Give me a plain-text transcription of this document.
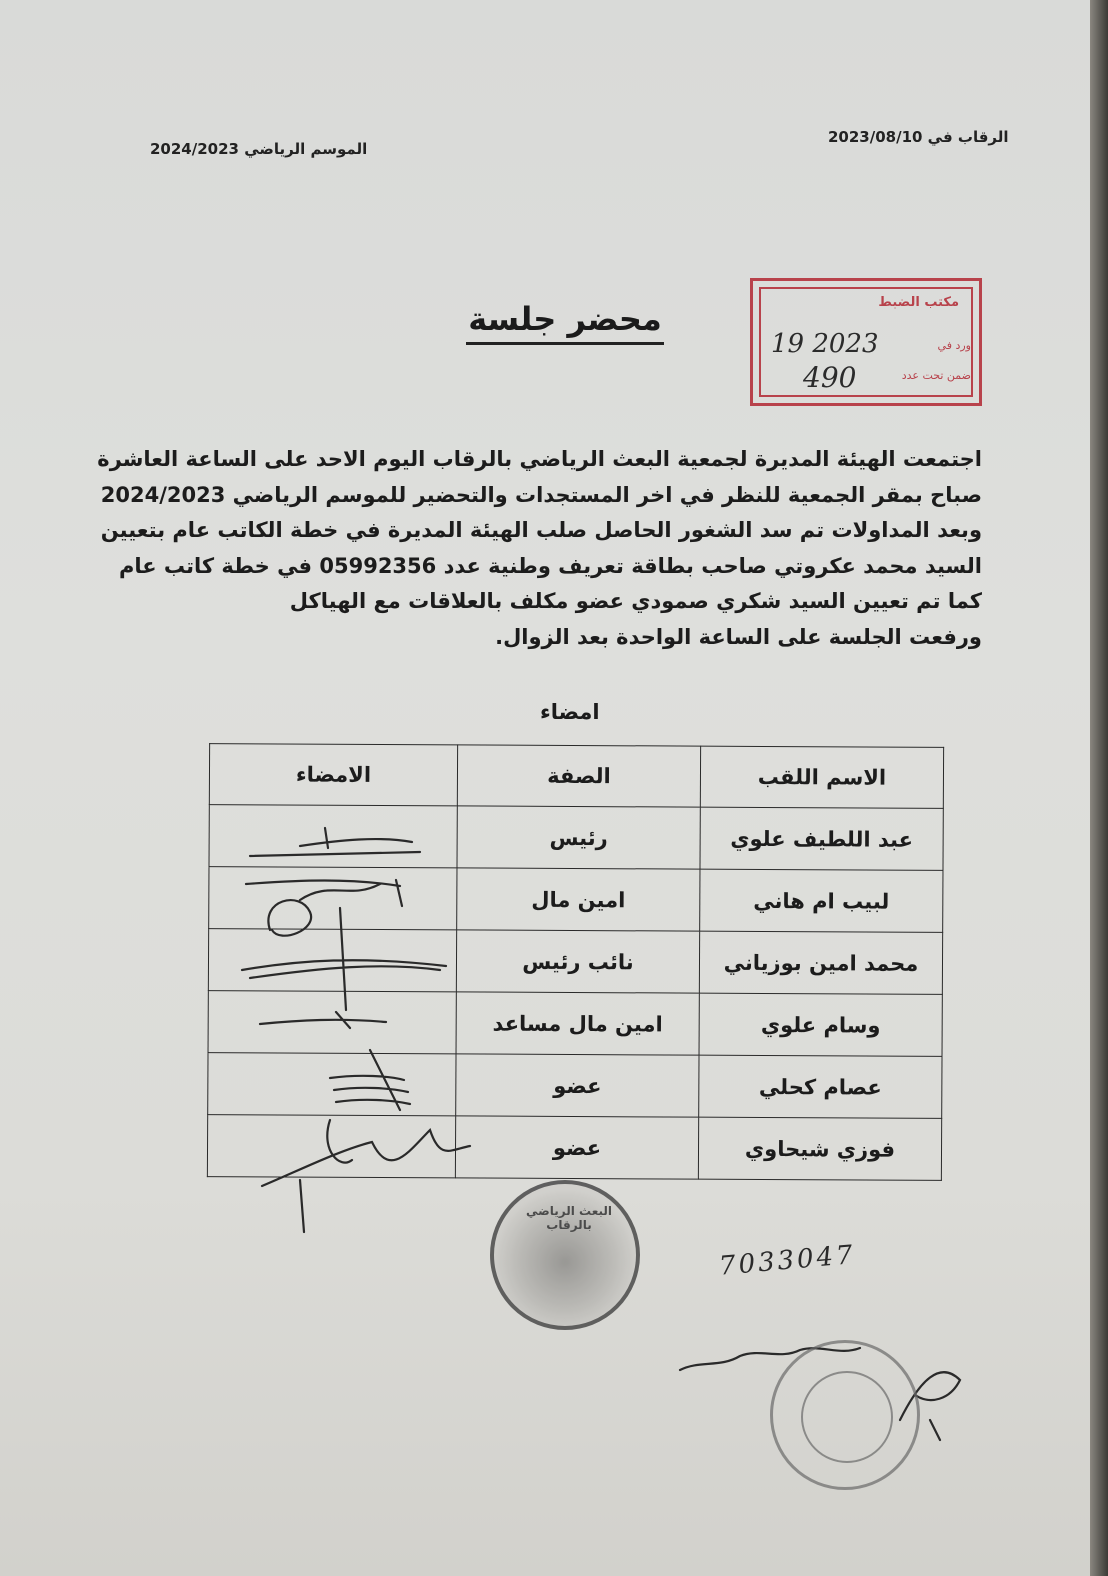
الرقاب في 2023/08/10
الموسم الرياضي 2024/2023
محضر جلسة	مكتب الضبط
ورد في
ضمن تحت عدد
19 2023
490
اجتمعت الهيئة المديرة لجمعية البعث الرياضي بالرقاب اليوم الاحد على الساعة العاشرة
صباح بمقر الجمعية للنظر في اخر المستجدات والتحضير للموسم الرياضي 2024/2023
وبعد المداولات تم سد الشغور الحاصل صلب الهيئة المديرة في خطة الكاتب عام بتعيين
السيد محمد عكروتي صاحب بطاقة تعريف وطنية عدد 05992356 في خطة كاتب عام
كما تم تعيين السيد شكري صمودي عضو مكلف بالعلاقات مع الهياكل
ورفعت الجلسة على الساعة الواحدة بعد الزوال.
امضاء
الاسم اللقب	الصفة	الامضاء
عبد اللطيف علوي	رئيس	
لبيب ام هاني	امين مال	
محمد امين بوزياني	نائب رئيس	
وسام علوي	امين مال مساعد	
عصام كحلي	عضو	
فوزي شيحاوي	عضو	
البعث الرياضي بالرقاب
7033047
